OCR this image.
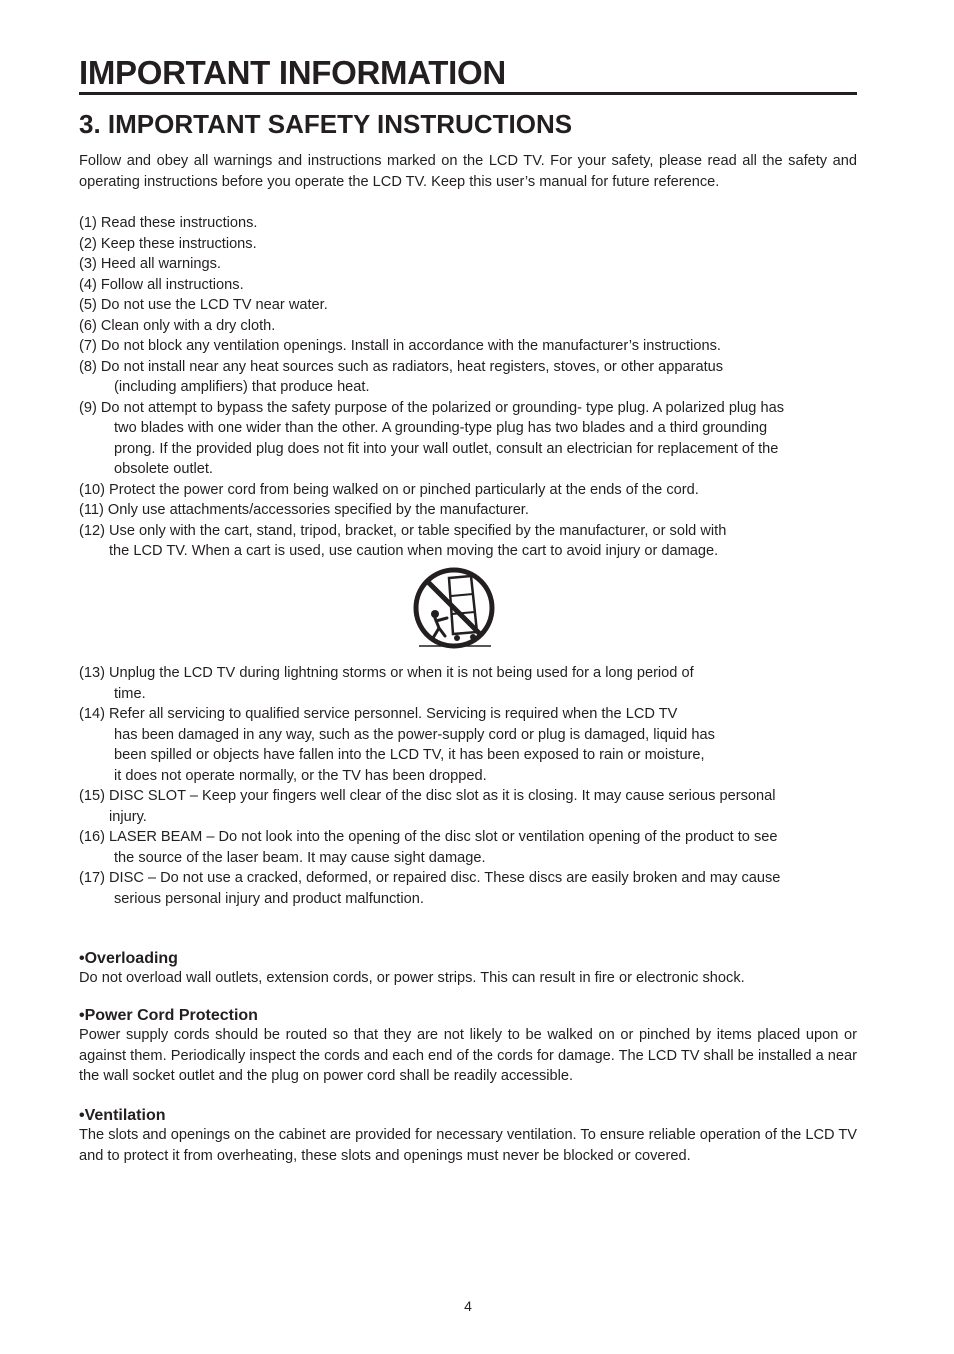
IMPORTANT INFORMATION
3. IMPORTANT SAFETY INSTRUCTIONS
Follow and obey all warnings and instructions marked on the LCD TV. For your safety, please read all the safety and operating instructions before you operate the LCD TV. Keep this user’s manual for future reference.
(1) Read these instructions.
(2) Keep these instructions.
(3) Heed all warnings.
(4) Follow all instructions.
(5) Do not use the LCD TV near water.
(6) Clean only with a dry cloth.
(7) Do not block any ventilation openings. Install in accordance with the manufacturer’s instructions.
(8) Do not install near any heat sources such as radiators, heat registers, stoves, or other apparatus
(including amplifiers) that produce heat.
(9) Do not attempt to bypass the safety purpose of the polarized or grounding- type plug. A polarized plug has
two blades with one wider than the other. A grounding-type plug has two blades and a third grounding
prong. If the provided plug does not fit into your wall outlet, consult an electrician for replacement of the
obsolete outlet.
(10) Protect the power cord from being walked on or pinched particularly at the ends of the cord.
(11) Only use attachments/accessories specified by the manufacturer.
(12) Use only with the cart, stand, tripod, bracket, or table specified by the manufacturer, or sold with
the LCD TV. When a cart is used, use caution when moving the cart to avoid injury or damage.
(13) Unplug the LCD TV during lightning storms or when it is not being used for a long period of
time.
(14) Refer all servicing to qualified service personnel. Servicing is required when the LCD TV
has been damaged in any way, such as the power-supply cord or plug is damaged, liquid has
been spilled or objects have fallen into the LCD TV, it has been exposed to rain or moisture,
it does not operate normally, or the TV has been dropped.
(15) DISC SLOT – Keep your fingers well clear of the disc slot as it is closing. It may cause serious personal
injury.
(16) LASER BEAM – Do not look into the opening of the disc slot or ventilation opening of the product to see
the source of the laser beam. It may cause sight damage.
(17) DISC – Do not use a cracked, deformed, or repaired disc. These discs are easily broken and may cause
serious personal injury and product malfunction.
•Overloading

Do not overload wall outlets, extension cords, or power strips. This can result in fire or electronic shock.

•Power Cord Protection

Power supply cords should be routed so that they are not likely to be walked on or pinched by items placed upon or against them. Periodically inspect the cords and each end of the cords for damage. The LCD TV shall be installed a near the wall socket outlet and the plug on power cord shall be readily accessible.

•Ventilation

The slots and openings on the cabinet are provided for necessary ventilation. To ensure reliable operation of the LCD TV and to protect it from overheating, these slots and openings must never be blocked or covered.

4
